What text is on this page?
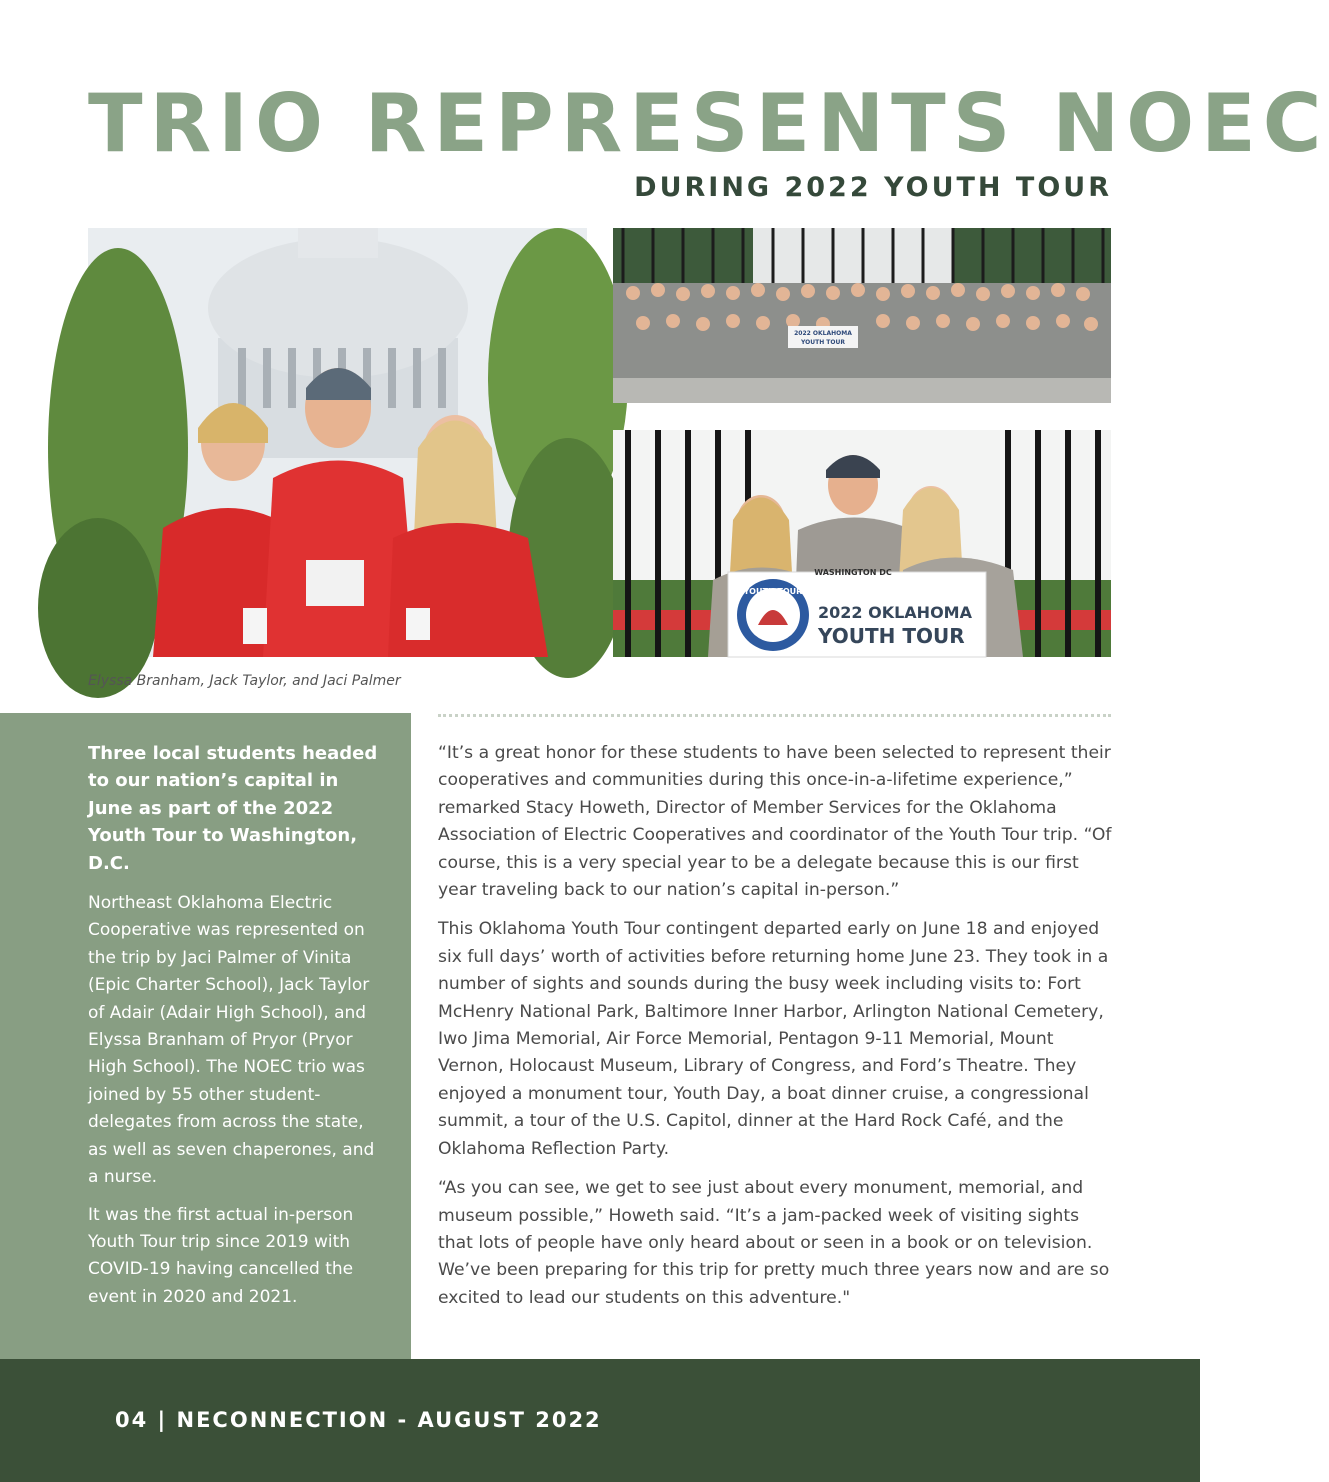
TRIO REPRESENTS NOEC
DURING 2022 YOUTH TOUR
2022 OKLAHOMA
YOUTH TOUR
YOUTH TOUR
2022 OKLAHOMA
YOUTH TOUR
WASHINGTON DC

Elyssa Branham, Jack Taylor, and Jaci Palmer

Three local students headed to our nation’s capital in June as part of the 2022 Youth Tour to Washington, D.C.

Northeast Oklahoma Electric Cooperative was represented on the trip by Jaci Palmer of Vinita (Epic Charter School), Jack Taylor of Adair (Adair High School), and Elyssa Branham of Pryor (Pryor High School). The NOEC trio was joined by 55 other student-delegates from across the state, as well as seven chaperones, and a nurse.

It was the first actual in-person Youth Tour trip since 2019 with COVID-19 having cancelled the event in 2020 and 2021.

“It’s a great honor for these students to have been selected to represent their cooperatives and communities during this once-in-a-lifetime experience,” remarked Stacy Howeth, Director of Member Services for the Oklahoma Association of Electric Cooperatives and coordinator of the Youth Tour trip. “Of course, this is a very special year to be a delegate because this is our first year traveling back to our nation’s capital in-person.”

This Oklahoma Youth Tour contingent departed early on June 18 and enjoyed six full days’ worth of activities before returning home June 23. They took in a number of sights and sounds during the busy week including visits to: Fort McHenry National Park, Baltimore Inner Harbor, Arlington National Cemetery, Iwo Jima Memorial, Air Force Memorial, Pentagon 9-11 Memorial, Mount Vernon, Holocaust Museum, Library of Congress, and Ford’s Theatre. They enjoyed a monument tour, Youth Day, a boat dinner cruise, a congressional summit, a tour of the U.S. Capitol, dinner at the Hard Rock Café, and the Oklahoma Reflection Party.

“As you can see, we get to see just about every monument, memorial, and museum possible,” Howeth said. “It’s a jam-packed week of visiting sights that lots of people have only heard about or seen in a book or on television. We’ve been preparing for this trip for pretty much three years now and are so excited to lead our students on this adventure."

04 | NECONNECTION - AUGUST 2022
